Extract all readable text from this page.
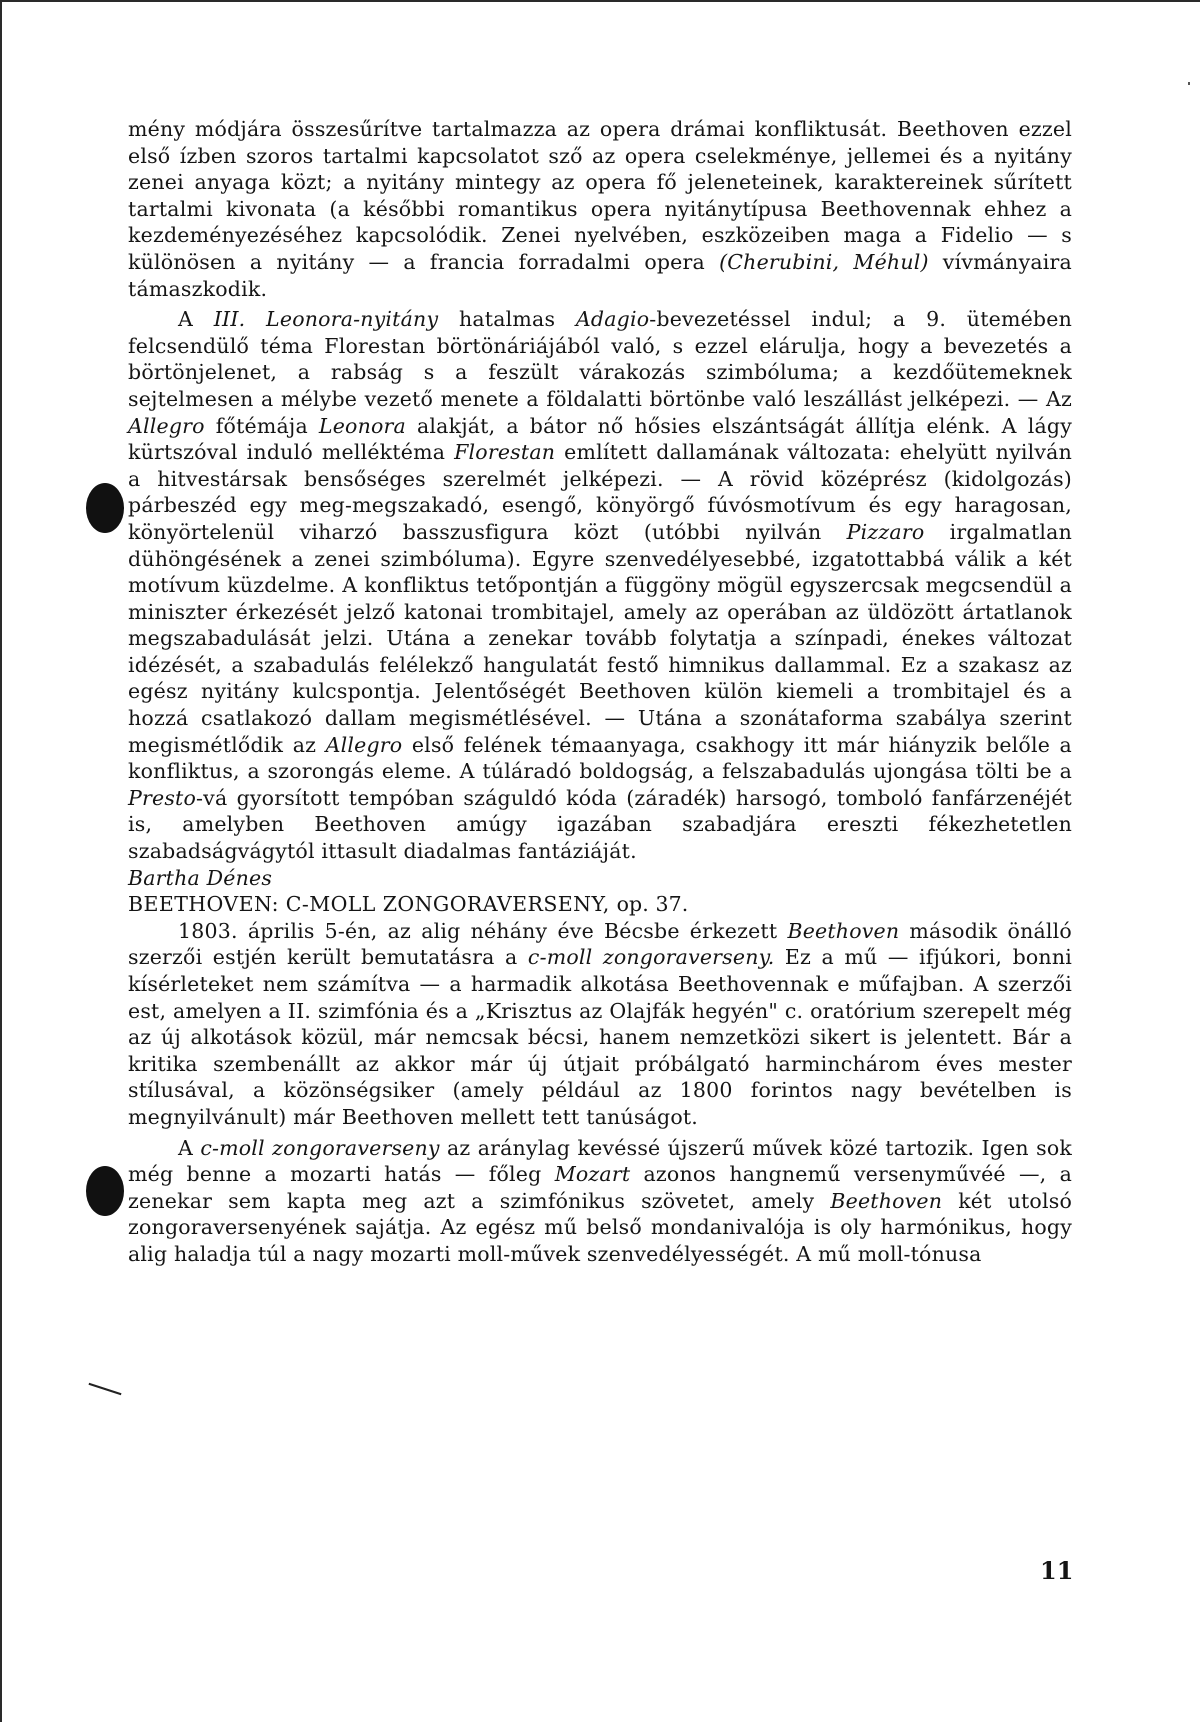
mény módjára összesűrítve tartalmazza az opera drámai konfliktusát. Beethoven ezzel első ízben szoros tartalmi kapcsolatot sző az opera cselekménye, jellemei és a nyitány zenei anyaga közt; a nyitány mintegy az opera fő jeleneteinek, karaktereinek sűrített tartalmi kivonata (a későbbi romantikus opera nyitánytípusa Beethovennak ehhez a kezdeményezéséhez kapcsolódik. Zenei nyelvében, eszközeiben maga a Fidelio — s különösen a nyitány — a francia forradalmi opera (Cherubini, Méhul) vívmányaira támaszkodik.

A III. Leonora-nyitány hatalmas Adagio-bevezetéssel indul; a 9. ütemében felcsendülő téma Florestan börtönáriájából való, s ezzel elárulja, hogy a bevezetés a börtönjelenet, a rabság s a feszült várakozás szimbóluma; a kezdőütemeknek sejtelmesen a mélybe vezető menete a földalatti börtönbe való leszállást jelképezi. — Az Allegro főtémája Leonora alakját, a bátor nő hősies elszántságát állítja elénk. A lágy kürtszóval induló melléktéma Florestan említett dallamának változata: ehelyütt nyilván a hitvestársak bensőséges szerelmét jelképezi. — A rövid középrész (kidolgozás) párbeszéd egy meg-megszakadó, esengő, könyörgő fúvósmotívum és egy haragosan, könyörtelenül viharzó basszusfigura közt (utóbbi nyilván Pizzaro irgalmatlan dühöngésének a zenei szimbóluma). Egyre szenvedélyesebbé, izgatottabbá válik a két motívum küzdelme. A konfliktus tetőpontján a függöny mögül egyszercsak megcsendül a miniszter érkezését jelző katonai trombitajel, amely az operában az üldözött ártatlanok megszabadulását jelzi. Utána a zenekar tovább folytatja a színpadi, énekes változat idézését, a szabadulás felélekző hangulatát festő himnikus dallammal. Ez a szakasz az egész nyitány kulcspontja. Jelentőségét Beethoven külön kiemeli a trombitajel és a hozzá csatlakozó dallam megismétlésével. — Utána a szonátaforma szabálya szerint megismétlődik az Allegro első felének témaanyaga, csakhogy itt már hiányzik belőle a konfliktus, a szorongás eleme. A túláradó boldogság, a felszabadulás ujongása tölti be a Presto-vá gyorsított tempóban száguldó kóda (záradék) harsogó, tomboló fanfárzenéjét is, amelyben Beethoven amúgy igazában szabadjára ereszti fékezhetetlen szabadságvágytól ittasult diadalmas fantáziáját.

Bartha Dénes

BEETHOVEN: C-MOLL ZONGORAVERSENY, op. 37.

1803. április 5-én, az alig néhány éve Bécsbe érkezett Beethoven második önálló szerzői estjén került bemutatásra a c-moll zongoraverseny. Ez a mű — ifjúkori, bonni kísérleteket nem számítva — a harmadik alkotása Beethovennak e műfajban. A szerzői est, amelyen a II. szimfónia és a „Krisztus az Olajfák hegyén" c. oratórium szerepelt még az új alkotások közül, már nemcsak bécsi, hanem nemzetközi sikert is jelentett. Bár a kritika szembenállt az akkor már új útjait próbálgató harminchárom éves mester stílusával, a közönségsiker (amely például az 1800 forintos nagy bevételben is megnyilvánult) már Beethoven mellett tett tanúságot.

A c-moll zongoraverseny az aránylag kevéssé újszerű művek közé tartozik. Igen sok még benne a mozarti hatás — főleg Mozart azonos hangnemű versenyművéé —, a zenekar sem kapta meg azt a szimfónikus szövetet, amely Beethoven két utolsó zongoraversenyének sajátja. Az egész mű belső mondanivalója is oly harmónikus, hogy alig haladja túl a nagy mozarti moll-művek szenvedélyességét. A mű moll-tónusa

11
